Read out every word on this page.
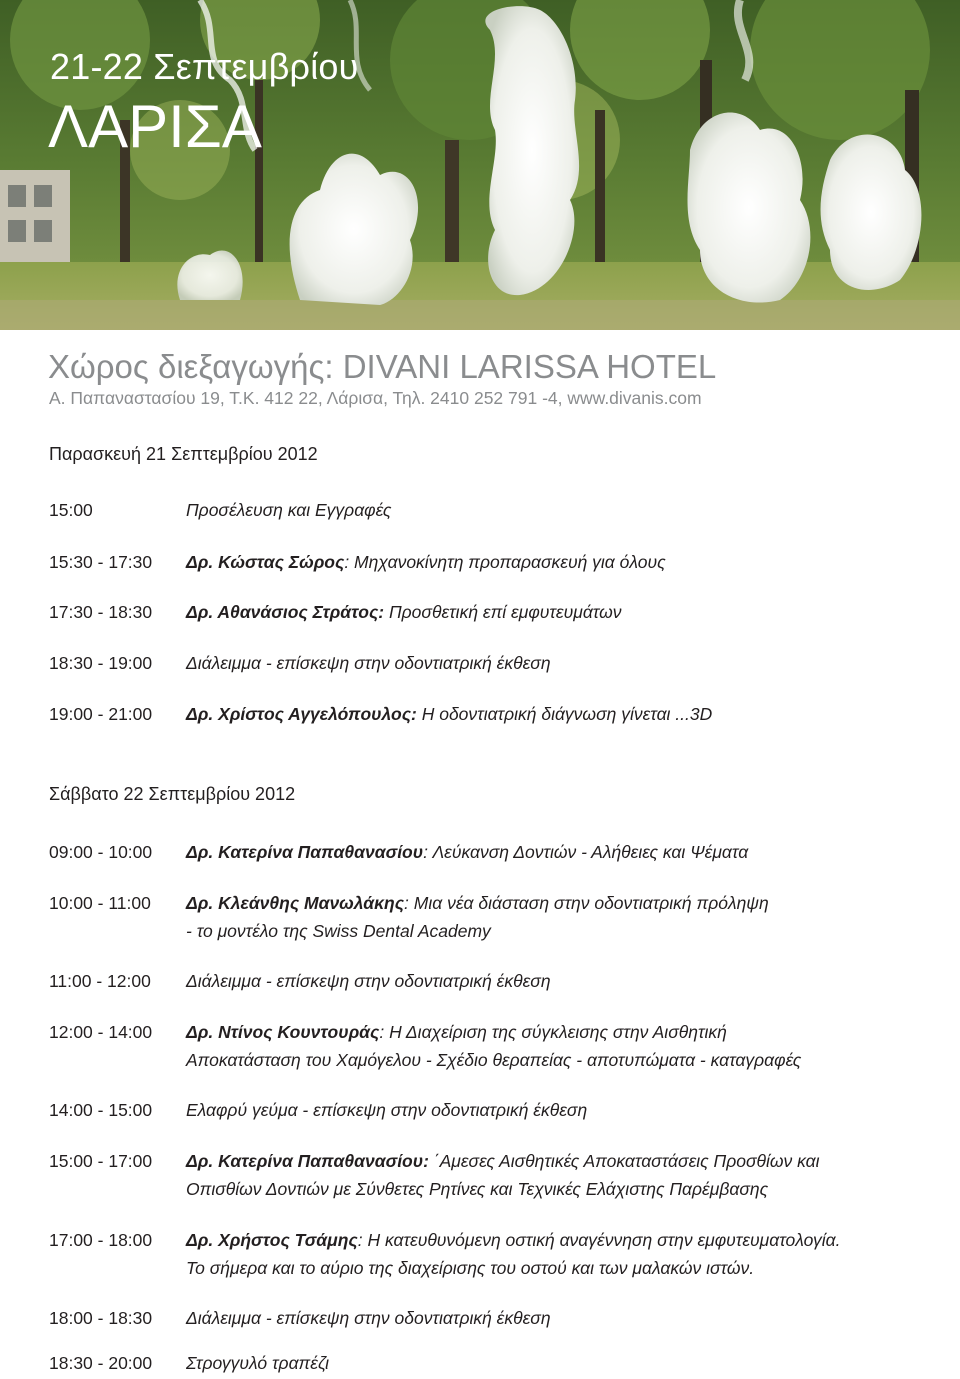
21-22 Σεπτεμβρίου
ΛΑΡΙΣΑ
Χώρος διεξαγωγής: DIVANI LARISSA HOTEL
Α. Παπαναστασίου 19, Τ.Κ. 412 22, Λάρισα, Τηλ. 2410 252 791 -4, www.divanis.com
Παρασκευή 21 Σεπτεμβρίου 2012
15:00	Προσέλευση και Εγγραφές
15:30 - 17:30	Δρ. Κώστας Σώρος: Μηχανοκίνητη προπαρασκευή για όλους
17:30 - 18:30	Δρ. Αθανάσιος Στράτος: Προσθετική επί εμφυτευμάτων
18:30 - 19:00	Διάλειμμα - επίσκεψη στην οδοντιατρική έκθεση
19:00 - 21:00	Δρ. Χρίστος Αγγελόπουλος: Η οδοντιατρική διάγνωση γίνεται ...3D
Σάββατο 22 Σεπτεμβρίου 2012
09:00 - 10:00	Δρ. Κατερίνα Παπαθανασίου: Λεύκανση Δοντιών - Αλήθειες και Ψέματα
10:00 - 11:00	Δρ. Κλεάνθης Μανωλάκης: Μια νέα διάσταση στην οδοντιατρική πρόληψη
- το μοντέλο της Swiss Dental Academy
11:00 - 12:00	Διάλειμμα - επίσκεψη στην οδοντιατρική έκθεση
12:00 - 14:00	Δρ. Ντίνος Κουντουράς: Η Διαχείριση της σύγκλεισης στην Αισθητική
Αποκατάσταση του Χαμόγελου - Σχέδιο θεραπείας - αποτυπώματα - καταγραφές
14:00 - 15:00	Ελαφρύ γεύμα - επίσκεψη στην οδοντιατρική έκθεση
15:00 - 17:00	Δρ. Κατερίνα Παπαθανασίου: ΄Αμεσες Αισθητικές Αποκαταστάσεις Προσθίων και
Οπισθίων Δοντιών με Σύνθετες Ρητίνες και Τεχνικές Ελάχιστης Παρέμβασης
17:00 - 18:00	Δρ. Χρήστος Τσάμης: Η κατευθυνόμενη οστική αναγέννηση στην εμφυτευματολογία.
Το σήμερα και το αύριο της διαχείρισης του οστού και των μαλακών ιστών.
18:00 - 18:30	Διάλειμμα - επίσκεψη στην οδοντιατρική έκθεση
18:30 - 20:00	Στρογγυλό τραπέζι
